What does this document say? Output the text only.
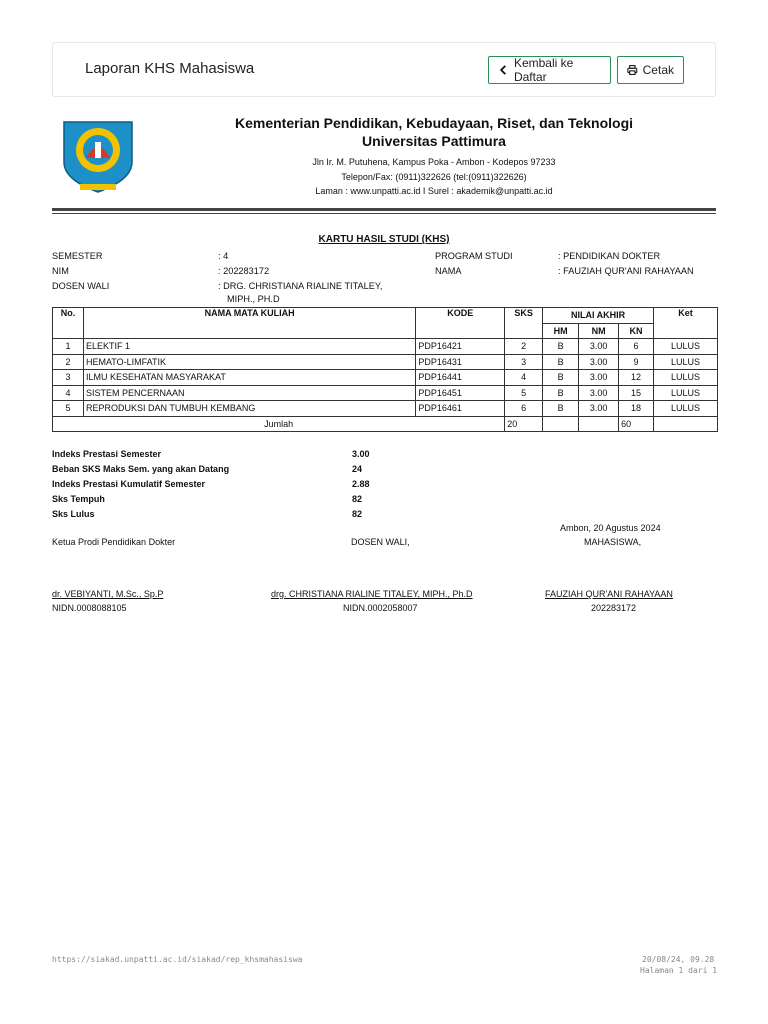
Laporan KHS Mahasiswa	Kembali ke Daftar	Cetak
Kementerian Pendidikan, Kebudayaan, Riset, dan Teknologi
Universitas Pattimura
Jln Ir. M. Putuhena, Kampus Poka - Ambon - Kodepos 97233
Telepon/Fax: (0911)322626 (tel:(0911)322626)
Laman : www.unpatti.ac.id I Surel : akademik@unpatti.ac.id
KARTU HASIL STUDI (KHS)
SEMESTER	: 4
NIM	: 202283172
DOSEN WALI	: DRG. CHRISTIANA RIALINE TITALEY,
MIPH., PH.D
PROGRAM STUDI	: PENDIDIKAN DOKTER
NAMA	: FAUZIAH QUR'ANI RAHAYAAN
No.	NAMA MATA KULIAH	KODE	SKS	NILAI AKHIR			Ket
				HM	NM	KN	
1	ELEKTIF 1	PDP16421	2	B	3.00	6	LULUS
2	HEMATO-LIMFATIK	PDP16431	3	B	3.00	9	LULUS
3	ILMU KESEHATAN MASYARAKAT	PDP16441	4	B	3.00	12	LULUS
4	SISTEM PENCERNAAN	PDP16451	5	B	3.00	15	LULUS
5	REPRODUKSI DAN TUMBUH KEMBANG	PDP16461	6	B	3.00	18	LULUS
Jumlah			20			60	
Indeks Prestasi Semester	3.00
Beban SKS Maks Sem. yang akan Datang	24
Indeks Prestasi Kumulatif Semester	2.88
Sks Tempuh	82
Sks Lulus	82
Ambon, 20 Agustus 2024
Ketua Prodi Pendidikan Dokter	DOSEN WALI,	MAHASISWA,
dr. VEBIYANTI, M.Sc., Sp.P
NIDN.0008088105
drg. CHRISTIANA RIALINE TITALEY, MIPH., Ph.D
NIDN.0002058007
FAUZIAH QUR'ANI RAHAYAAN
202283172
https://siakad.unpatti.ac.id/siakad/rep_khsmahasiswa	20/08/24, 09.28
Halaman 1 dari 1
